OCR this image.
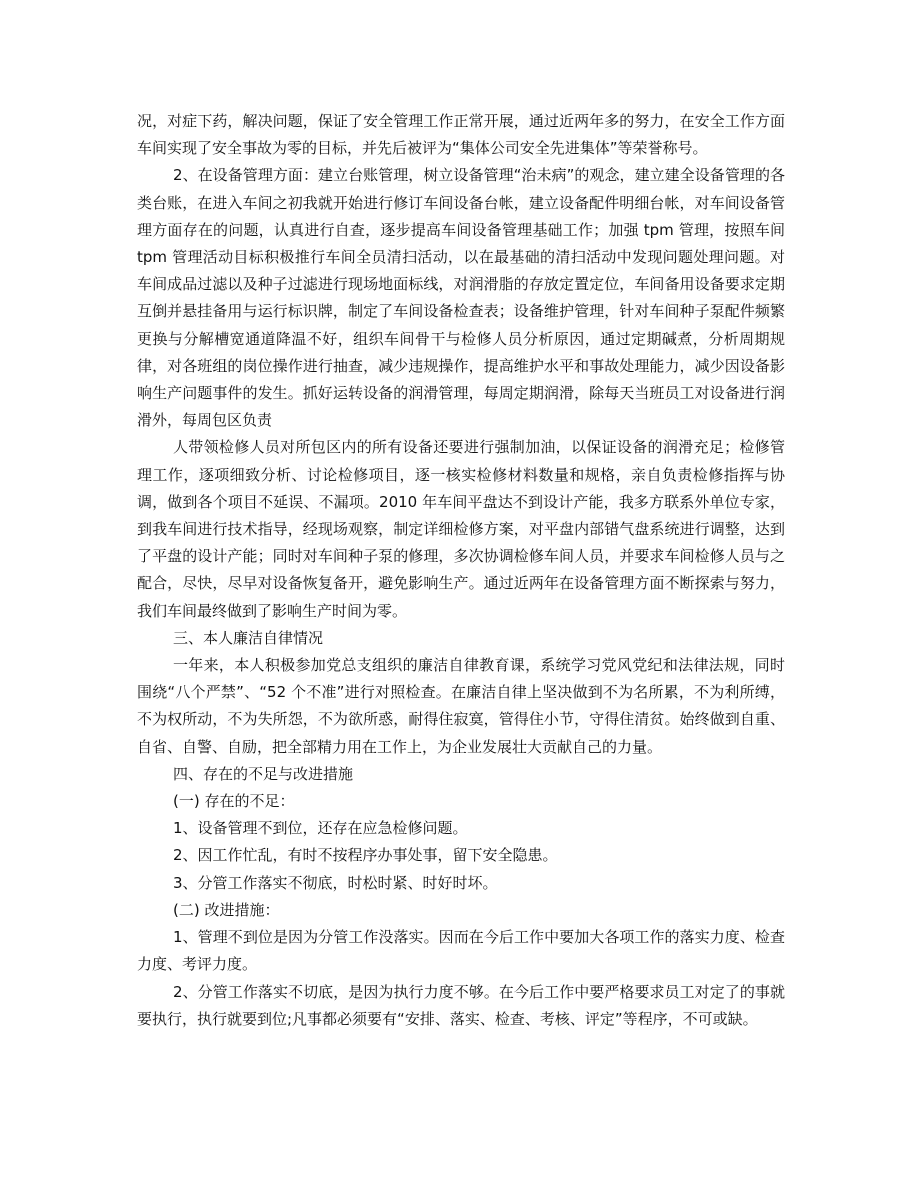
况，对症下药，解决问题，保证了安全管理工作正常开展，通过近两年多的努力，在安全工作方面车间实现了安全事故为零的目标，并先后被评为“集体公司安全先进集体”等荣誉称号。

2、在设备管理方面：建立台账管理，树立设备管理“治未病”的观念，建立建全设备管理的各类台账，在进入车间之初我就开始进行修订车间设备台帐，建立设备配件明细台帐，对车间设备管理方面存在的问题，认真进行自查，逐步提高车间设备管理基础工作；加强 tpm 管理，按照车间 tpm 管理活动目标积极推行车间全员清扫活动，以在最基础的清扫活动中发现问题处理问题。对车间成品过滤以及种子过滤进行现场地面标线，对润滑脂的存放定置定位，车间备用设备要求定期互倒并悬挂备用与运行标识牌，制定了车间设备检查表；设备维护管理，针对车间种子泵配件频繁更换与分解槽宽通道降温不好，组织车间骨干与检修人员分析原因，通过定期碱煮，分析周期规律，对各班组的岗位操作进行抽查，减少违规操作，提高维护水平和事故处理能力，减少因设备影响生产问题事件的发生。抓好运转设备的润滑管理，每周定期润滑，除每天当班员工对设备进行润滑外，每周包区负责

人带领检修人员对所包区内的所有设备还要进行强制加油，以保证设备的润滑充足；检修管理工作，逐项细致分析、讨论检修项目，逐一核实检修材料数量和规格，亲自负责检修指挥与协调，做到各个项目不延误、不漏项。2010 年车间平盘达不到设计产能，我多方联系外单位专家，到我车间进行技术指导，经现场观察，制定详细检修方案，对平盘内部错气盘系统进行调整，达到了平盘的设计产能；同时对车间种子泵的修理，多次协调检修车间人员，并要求车间检修人员与之配合，尽快，尽早对设备恢复备开，避免影响生产。通过近两年在设备管理方面不断探索与努力，我们车间最终做到了影响生产时间为零。

三、本人廉洁自律情况

一年来，本人积极参加党总支组织的廉洁自律教育课，系统学习党风党纪和法律法规，同时围绕“八个严禁”、“52 个不准”进行对照检查。在廉洁自律上坚决做到不为名所累，不为利所缚，不为权所动，不为失所怨，不为欲所惑，耐得住寂寞，管得住小节，守得住清贫。始终做到自重、自省、自警、自励，把全部精力用在工作上，为企业发展壮大贡献自己的力量。

四、存在的不足与改进措施

(一) 存在的不足：

1、设备管理不到位，还存在应急检修问题。

2、因工作忙乱，有时不按程序办事处事，留下安全隐患。

3、分管工作落实不彻底，时松时紧、时好时坏。

(二) 改进措施：

1、管理不到位是因为分管工作没落实。因而在今后工作中要加大各项工作的落实力度、检查力度、考评力度。

2、分管工作落实不切底，是因为执行力度不够。在今后工作中要严格要求员工对定了的事就要执行，执行就要到位;凡事都必须要有“安排、落实、检查、考核、评定”等程序，不可或缺。
